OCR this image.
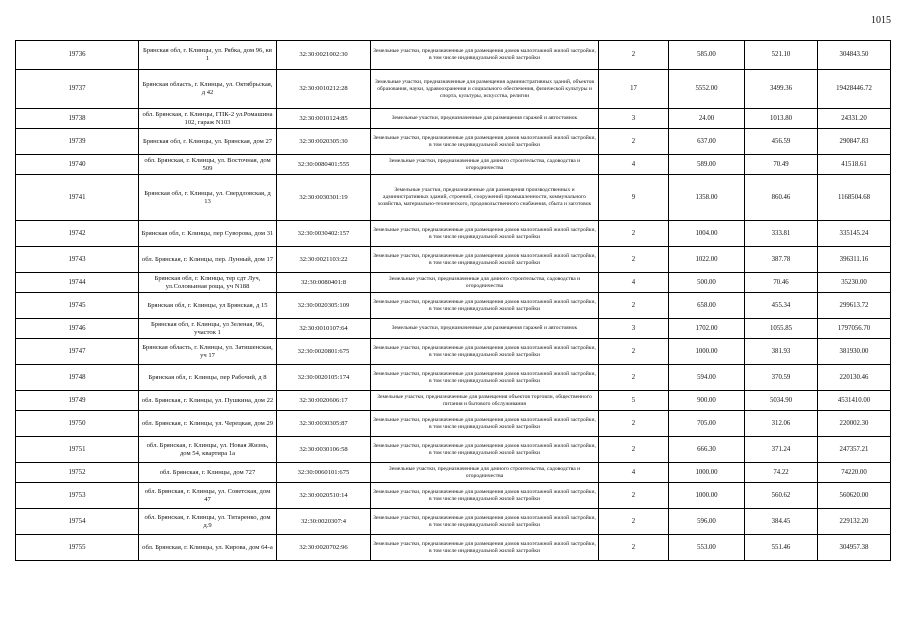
1015
19736	Брянская обл, г. Клинцы, ул. Рябка, дом 96, кв 1	32:30:0021002:30	Земельные участки, предназначенные для размещения домов малоэтажной жилой застройки, в том числе индивидуальной жилой застройки	2	585.00	521.10	304843.50
19737	Брянская область, г. Клинцы, ул. Октябрьская, д 42	32:30:0010212:28	Земельные участки, предназначенные для размещения административных зданий, объектов образования, науки, здравоохранения и социального обеспечения, физической культуры и спорта, культуры, искусства, религии	17	5552.00	3499.36	19428446.72
19738	обл. Брянская, г. Клинцы, ГПК-2 ул.Ромашина 102, гараж N103	32:30:0010124:85	Земельные участки, предназначенные для размещения гаражей и автостоянок	3	24.00	1013.80	24331.20
19739	Брянская обл, г. Клинцы, ул. Брянская, дом 27	32:30:0020305:30	Земельные участки, предназначенные для размещения домов малоэтажной жилой застройки, в том числе индивидуальной жилой застройки	2	637.00	456.59	290847.83
19740	обл. Брянская, г. Клинцы, ул. Восточная, дом 509	32:30:0080401:555	Земельные участки, предназначенные для дачного строительства, садоводства и огородничества	4	589.00	70.49	41518.61
19741	Брянская обл, г. Клинцы, ул. Свердловская, д 13	32:30:0030301:19	Земельные участки, предназначенные для размещения производственных и административных зданий, строений, сооружений промышленности, коммунального хозяйства, материально-технического, продовольственного снабжения, сбыта и заготовок	9	1358.00	860.46	1168504.68
19742	Брянская обл, г. Клинцы, пер Суворова, дом 31	32:30:0030402:157	Земельные участки, предназначенные для размещения домов малоэтажной жилой застройки, в том числе индивидуальной жилой застройки	2	1004.00	333.81	335145.24
19743	обл. Брянская, г. Клинцы, пер. Лунный, дом 17	32:30:0021103:22	Земельные участки, предназначенные для размещения домов малоэтажной жилой застройки, в том числе индивидуальной жилой застройки	2	1022.00	387.78	396311.16
19744	Брянская обл, г. Клинцы, тер сдт Луч, ул.Соловьиная роща, уч N188	32:30:0080401:8	Земельные участки, предназначенные для дачного строительства, садоводства и огородничества	4	500.00	70.46	35230.00
19745	Брянская обл, г. Клинцы, ул Брянская, д 15	32:30:0020305:109	Земельные участки, предназначенные для размещения домов малоэтажной жилой застройки, в том числе индивидуальной жилой застройки	2	658.00	455.34	299613.72
19746	Брянская обл, г. Клинцы, ул Зеленая, 96, участок 1	32:30:0010107:64	Земельные участки, предназначенные для размещения гаражей и автостоянок	3	1702.00	1055.85	1797056.70
19747	Брянская область, г. Клинцы, ул. Затишенская, уч 17	32:30:0020801:675	Земельные участки, предназначенные для размещения домов малоэтажной жилой застройки, в том числе индивидуальной жилой застройки	2	1000.00	381.93	381930.00
19748	Брянская обл, г. Клинцы, пер Рабочий, д 8	32:30:0020105:174	Земельные участки, предназначенные для размещения домов малоэтажной жилой застройки, в том числе индивидуальной жилой застройки	2	594.00	370.59	220130.46
19749	обл. Брянская, г. Клинцы, ул. Пушкина, дом 22	32:30:0020606:17	Земельные участки, предназначенные для размещения объектов торговли, общественного питания и бытового обслуживания	5	900.00	5034.90	4531410.00
19750	обл. Брянская, г. Клинцы, ул. Черецкая, дом 29	32:30:0030305:87	Земельные участки, предназначенные для размещения домов малоэтажной жилой застройки, в том числе индивидуальной жилой застройки	2	705.00	312.06	220002.30
19751	обл. Брянская, г. Клинцы, ул. Новая Жизнь, дом 54, квартира 1а	32:30:0030106:58	Земельные участки, предназначенные для размещения домов малоэтажной жилой застройки, в том числе индивидуальной жилой застройки	2	666.30	371.24	247357.21
19752	обл. Брянская, г. Клинцы, дом 727	32:30:0060101:675	Земельные участки, предназначенные для дачного строительства, садоводства и огородничества	4	1000.00	74.22	74220.00
19753	обл. Брянская, г. Клинцы, ул. Советская, дом 47	32:30:0020510:14	Земельные участки, предназначенные для размещения домов малоэтажной жилой застройки, в том числе индивидуальной жилой застройки	2	1000.00	560.62	560620.00
19754	обл. Брянская, г. Клинцы, ул. Титаренко, дом д.9	32:30:0020307:4	Земельные участки, предназначенные для размещения домов малоэтажной жилой застройки, в том числе индивидуальной жилой застройки	2	596.00	384.45	229132.20
19755	обл. Брянская, г. Клинцы, ул. Кирова, дом 64-а	32:30:0020702:96	Земельные участки, предназначенные для размещения домов малоэтажной жилой застройки, в том числе индивидуальной жилой застройки	2	553.00	551.46	304957.38
